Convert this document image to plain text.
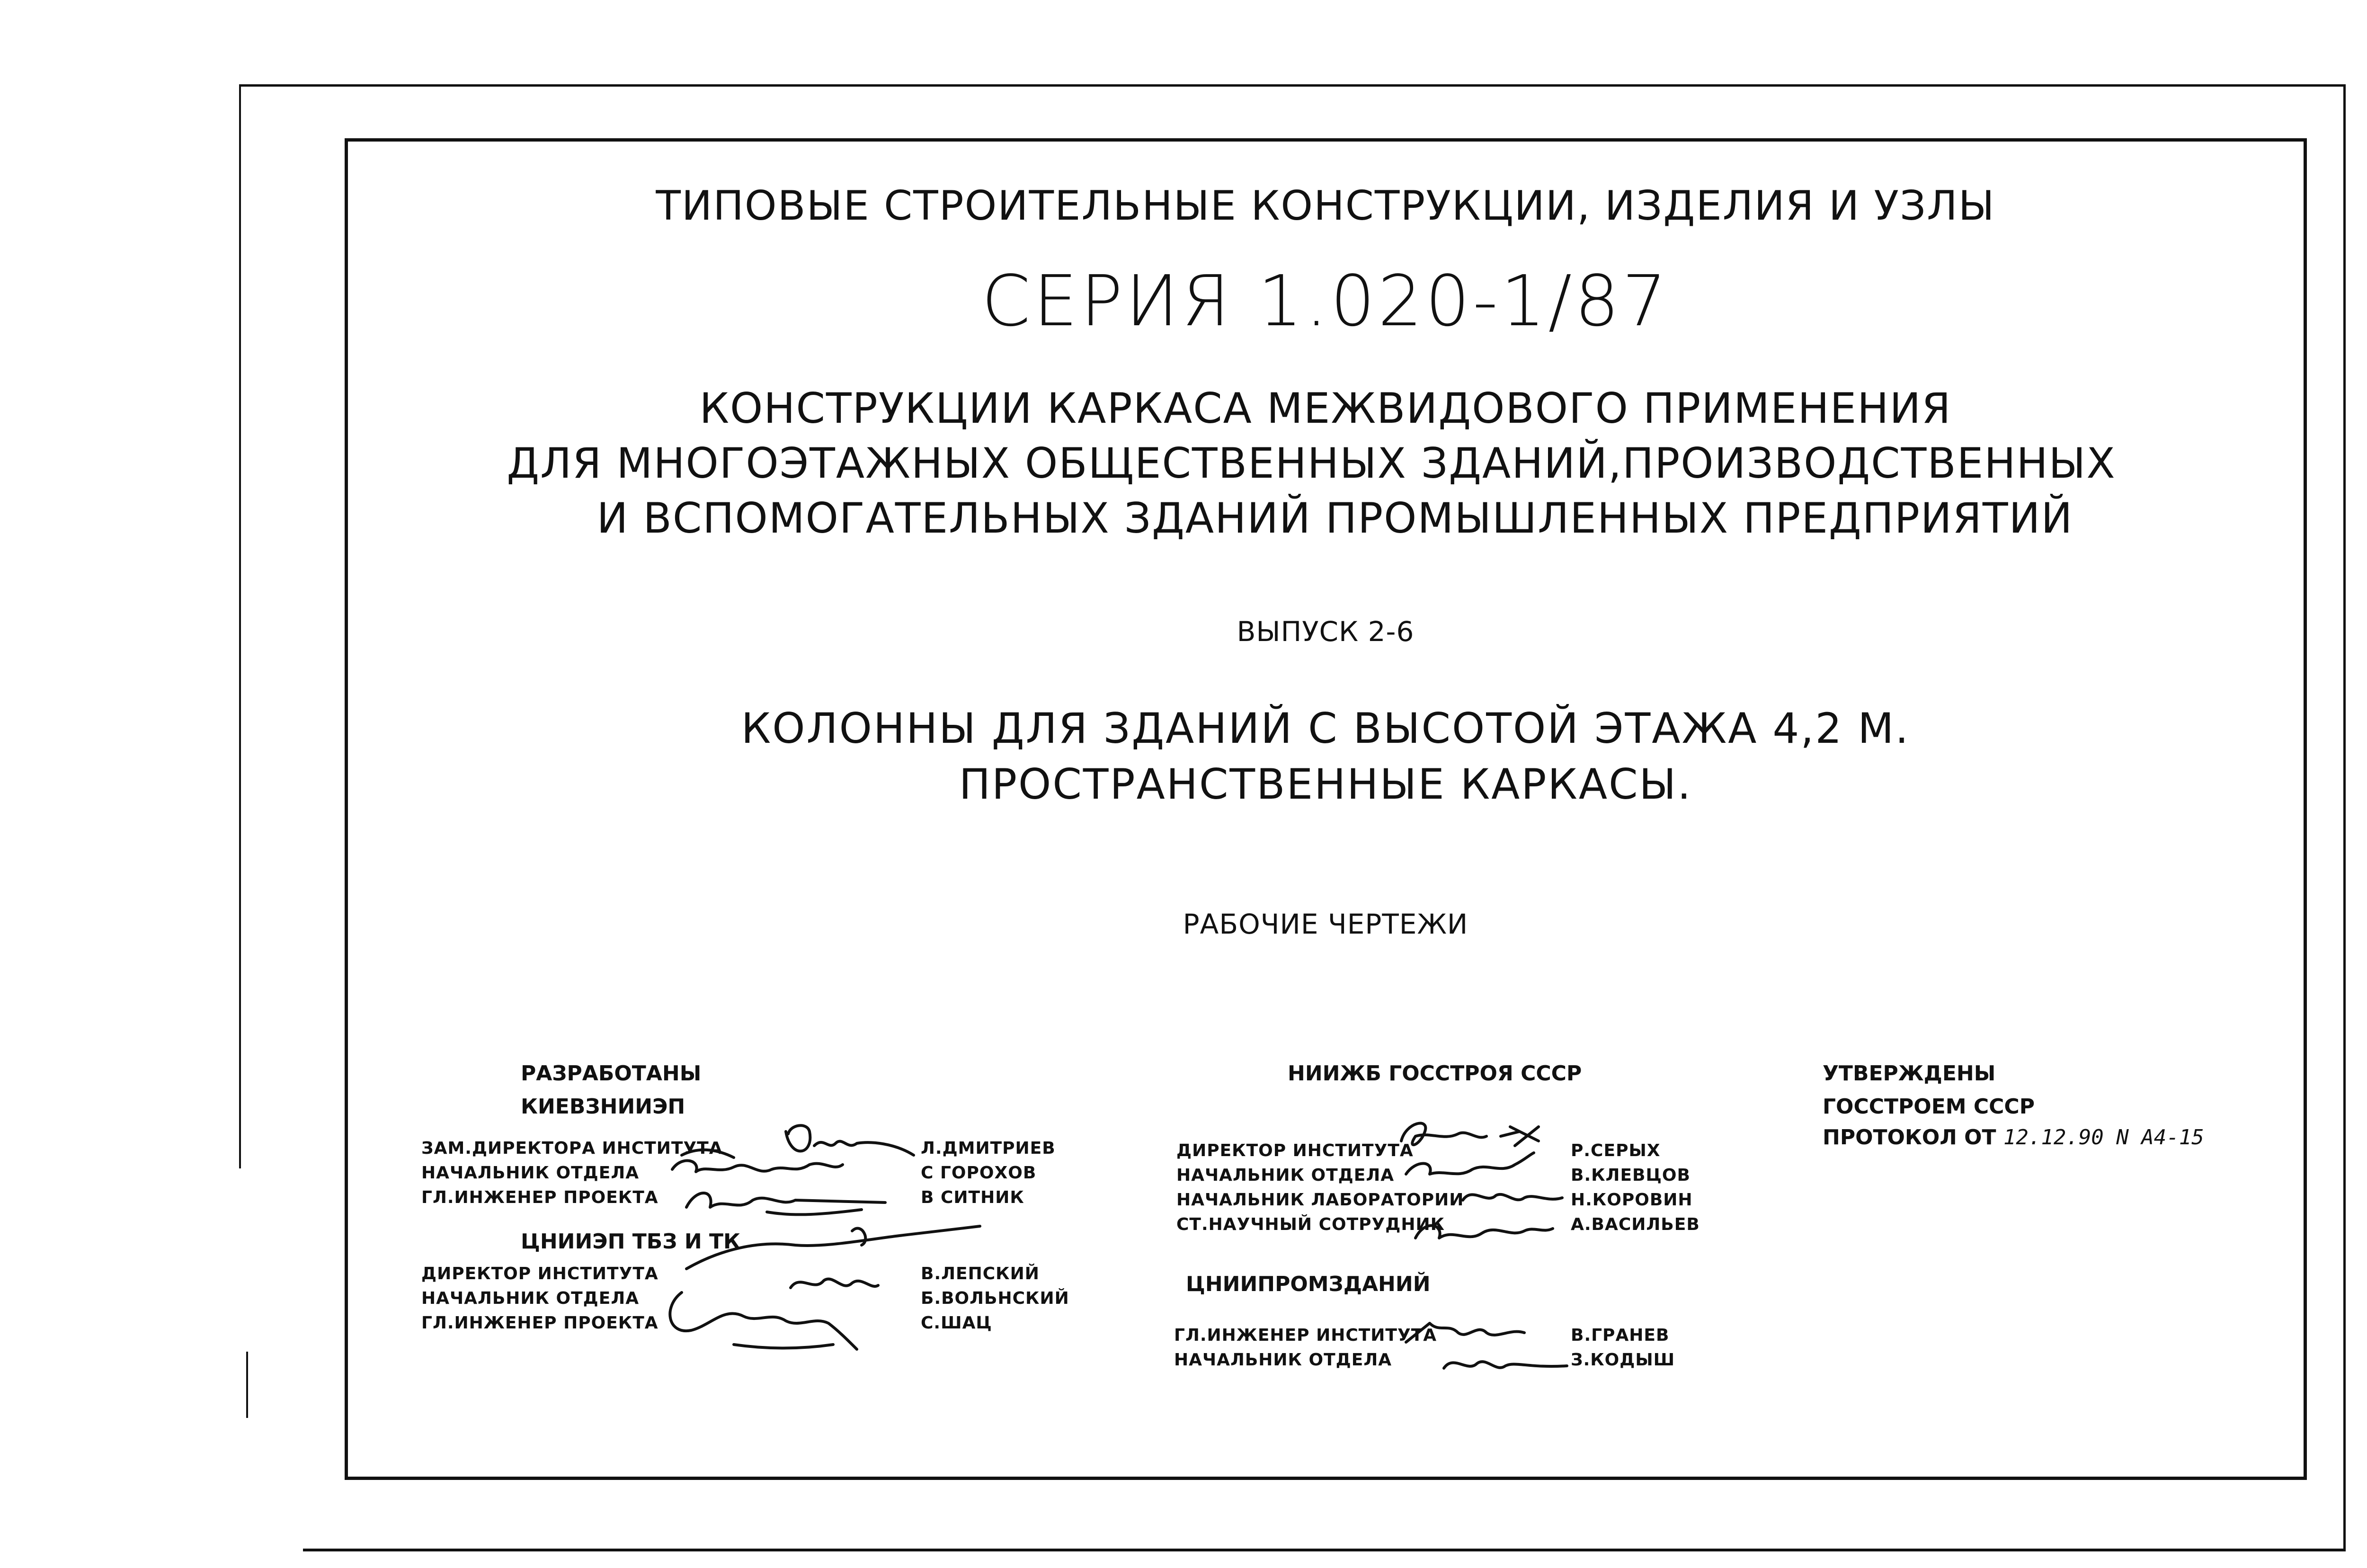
ТИПОВЫЕ СТРОИТЕЛЬНЫЕ КОНСТРУКЦИИ, ИЗДЕЛИЯ И УЗЛЫ
СЕРИЯ 1.020-1/87
КОНСТРУКЦИИ КАРКАСА МЕЖВИДОВОГО ПРИМЕНЕНИЯ
ДЛЯ МНОГОЭТАЖНЫХ ОБЩЕСТВЕННЫХ ЗДАНИЙ,ПРОИЗВОДСТВЕННЫХ
И ВСПОМОГАТЕЛЬНЫХ ЗДАНИЙ ПРОМЫШЛЕННЫХ ПРЕДПРИЯТИЙ
ВЫПУСК 2-6
КОЛОННЫ ДЛЯ ЗДАНИЙ С ВЫСОТОЙ ЭТАЖА 4,2 М.
ПРОСТРАНСТВЕННЫЕ КАРКАСЫ.
РАБОЧИЕ ЧЕРТЕЖИ
РАЗРАБОТАНЫ
КИЕВЗНИИЭП
ЗАМ.ДИРЕКТОРА ИНСТИТУТА
НАЧАЛЬНИК ОТДЕЛА
ГЛ.ИНЖЕНЕР ПРОЕКТА
Л.ДМИТРИЕВ
С ГОРОХОВ
В СИТНИК
ЦНИИЭП ТБЗ И ТК
ДИРЕКТОР ИНСТИТУТА
НАЧАЛЬНИК ОТДЕЛА
ГЛ.ИНЖЕНЕР ПРОЕКТА
В.ЛЕПСКИЙ
Б.ВОЛЬНСКИЙ
С.ШАЦ
НИИЖБ ГОССТРОЯ СССР
ДИРЕКТОР ИНСТИТУТА
НАЧАЛЬНИК ОТДЕЛА
НАЧАЛЬНИК ЛАБОРАТОРИИ
СТ.НАУЧНЫЙ СОТРУДНИК
Р.СЕРЫХ
В.КЛЕВЦОВ
Н.КОРОВИН
А.ВАСИЛЬЕВ
ЦНИИПРОМЗДАНИЙ
ГЛ.ИНЖЕНЕР ИНСТИТУТА
НАЧАЛЬНИК ОТДЕЛА
В.ГРАНЕВ
З.КОДЫШ
УТВЕРЖДЕНЫ
ГОССТРОЕМ СССР
ПРОТОКОЛ ОТ 12.12.90 N А4-15
